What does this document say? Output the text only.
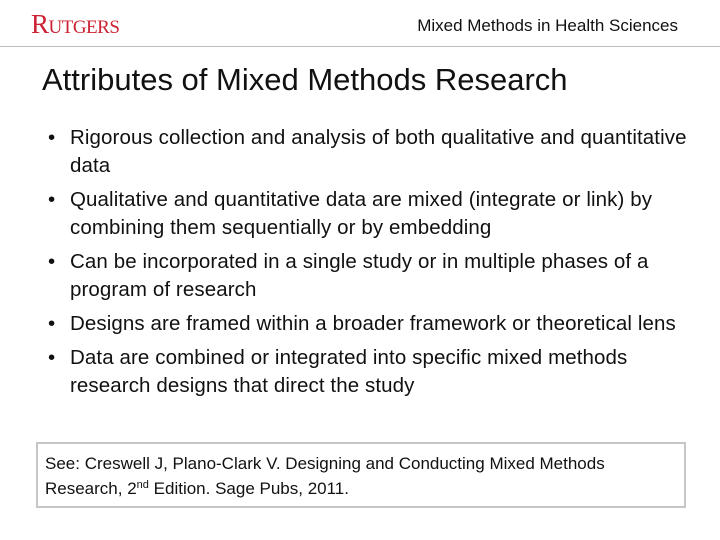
Rutgers	Mixed Methods in Health Sciences
Attributes of Mixed Methods Research
• Rigorous collection and analysis of both qualitative and quantitative data
• Qualitative and quantitative data are mixed (integrate or link) by combining them sequentially or by embedding
• Can be incorporated in a single study or in multiple phases of a program of research
• Designs are framed within a broader framework or theoretical lens
• Data are combined or integrated into specific mixed methods research designs that direct the study
See: Creswell J, Plano-Clark V. Designing and Conducting Mixed Methods Research, 2nd Edition. Sage Pubs, 2011.
